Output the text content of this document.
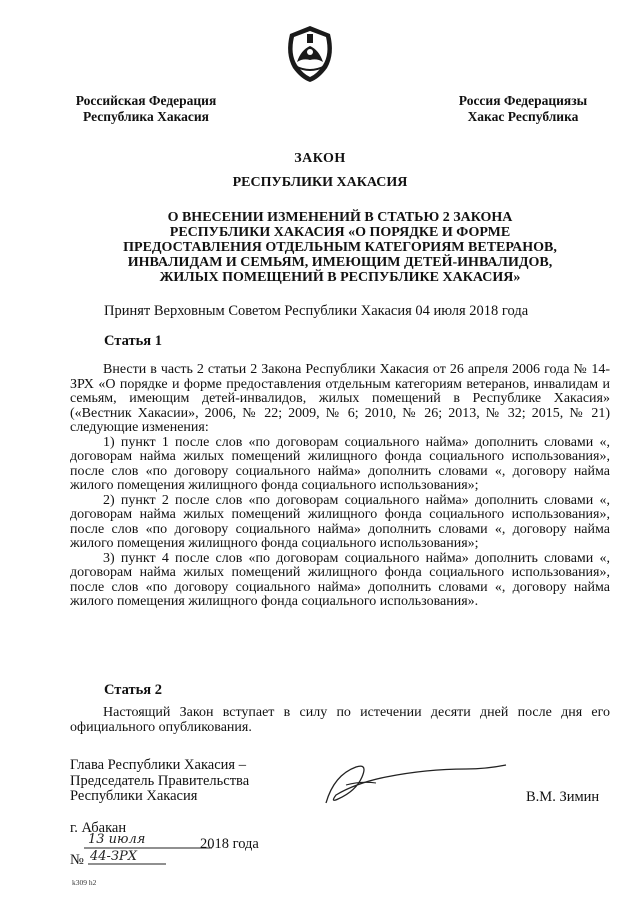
Российская Федерация
Республика Хакасия
Россия Федерациязы
Хакас Республика
ЗАКОН
РЕСПУБЛИКИ ХАКАСИЯ
О ВНЕСЕНИИ ИЗМЕНЕНИЙ В СТАТЬЮ 2 ЗАКОНА
РЕСПУБЛИКИ ХАКАСИЯ «О ПОРЯДКЕ И ФОРМЕ
ПРЕДОСТАВЛЕНИЯ ОТДЕЛЬНЫМ КАТЕГОРИЯМ ВЕТЕРАНОВ,
ИНВАЛИДАМ И СЕМЬЯМ, ИМЕЮЩИМ ДЕТЕЙ-ИНВАЛИДОВ,
ЖИЛЫХ ПОМЕЩЕНИЙ В РЕСПУБЛИКЕ ХАКАСИЯ»
Принят Верховным Советом Республики Хакасия 04 июля 2018 года
Статья 1

Внести в часть 2 статьи 2 Закона Республики Хакасия от 26 апреля 2006 года № 14-ЗРХ «О порядке и форме предоставления отдельным категориям ветеранов, инвалидам и семьям, имеющим детей-инвалидов, жилых помещений в Республике Хакасия» («Вестник Хакасии», 2006, № 22; 2009, № 6; 2010, № 26; 2013, № 32; 2015, № 21) следующие изменения:

1) пункт 1 после слов «по договорам социального найма» дополнить словами «, договорам найма жилых помещений жилищного фонда социального использования», после слов «по договору социального найма» дополнить словами «, договору найма жилого помещения жилищного фонда социального использования»;

2) пункт 2 после слов «по договорам социального найма» дополнить словами «, договорам найма жилых помещений жилищного фонда социального использования», после слов «по договору социального найма» дополнить словами «, договору найма жилого помещения жилищного фонда социального использования»;

3) пункт 4 после слов «по договорам социального найма» дополнить словами «, договорам найма жилых помещений жилищного фонда социального использования», после слов «по договору социального найма» дополнить словами «, договору найма жилого помещения жилищного фонда социального использования».

Статья 2

Настоящий Закон вступает в силу по истечении десяти дней после дня его официального опубликования.

Глава Республики Хакасия –
Председатель Правительства
Республики Хакасия	В.М. Зимин
г. Абакан
13 июля	2018 года
№ 44-ЗРХ
k309 h2
